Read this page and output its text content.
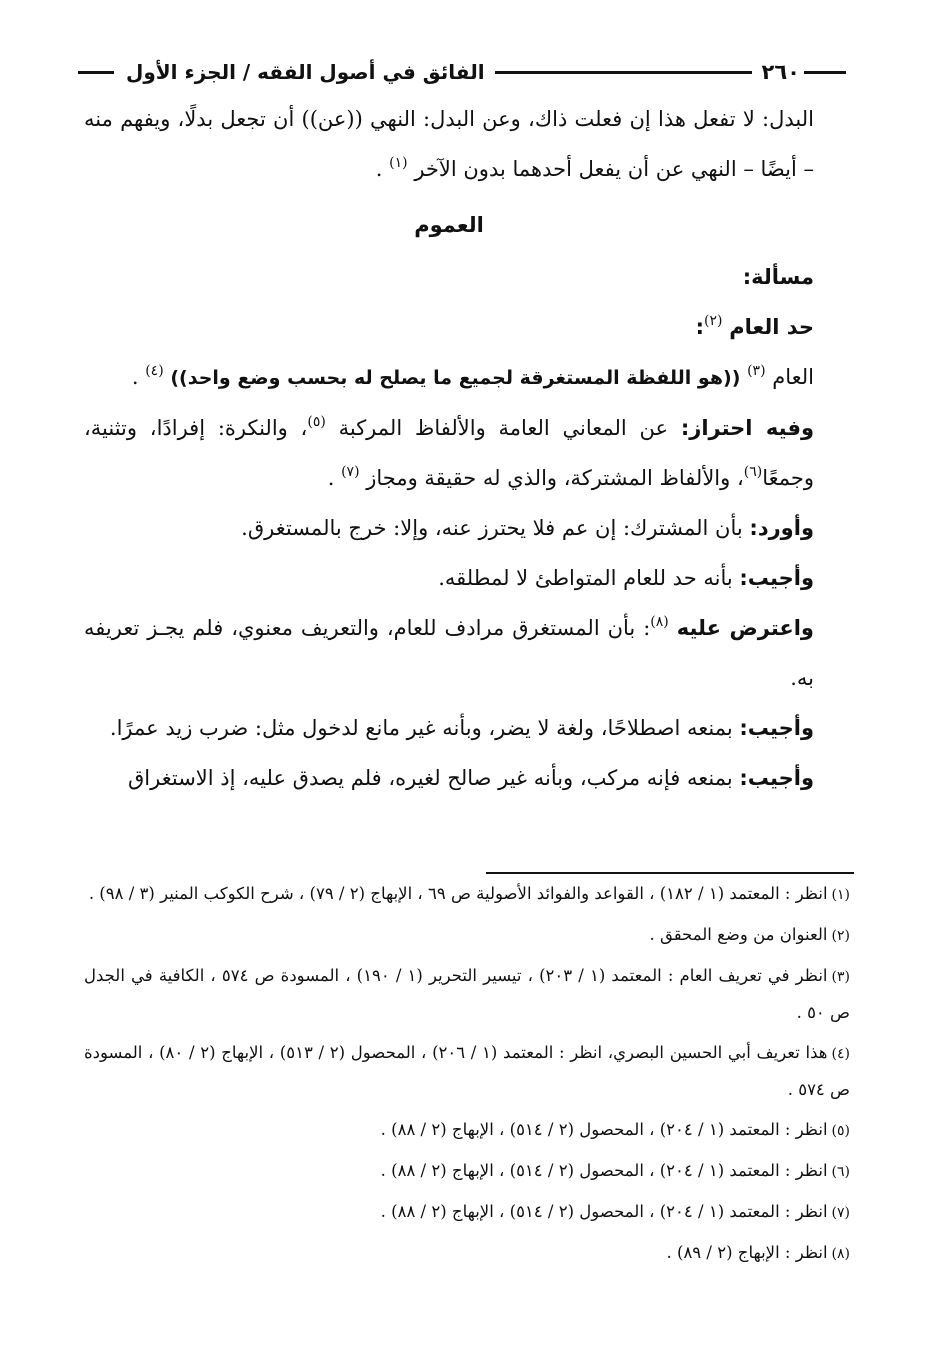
٢٦٠
الفائق في أصول الفقه / الجزء الأول

البدل: لا تفعل هذا إن فعلت ذاك، وعن البدل: النهي ((عن)) أن تجعل بدلًا، ويفهم منه – أيضًا – النهي عن أن يفعل أحدهما بدون الآخر $^{(١)}$ .

العموم

مسألة:

حد العام $^{(٢)}$:

العام $^{(٣)}$ ((هو اللفظة المستغرقة لجميع ما يصلح له بحسب وضع واحد)) $^{(٤)}$ .

وفيه احتراز: عن المعاني العامة والألفاظ المركبة $^{(٥)}$، والنكرة: إفرادًا، وتثنية، وجمعًا$^{(٦)}$، والألفاظ المشتركة، والذي له حقيقة ومجاز $^{(٧)}$ .

وأورد: بأن المشترك: إن عم فلا يحترز عنه، وإلا: خرج بالمستغرق.

وأجيب: بأنه حد للعام المتواطئ لا لمطلقه.

واعترض عليه $^{(٨)}$: بأن المستغرق مرادف للعام، والتعريف معنوي، فلم يجـز تعريفه به.

وأجيب: بمنعه اصطلاحًا، ولغة لا يضر، وبأنه غير مانع لدخول مثل: ضرب زيد عمرًا.

وأجيب: بمنعه فإنه مركب، وبأنه غير صالح لغيره، فلم يصدق عليه، إذ الاستغراق

(١)انظر : المعتمد (١ / ١٨٢) ، القواعد والفوائد الأصولية ص ٦٩ ، الإبهاج (٢ / ٧٩) ، شرح الكوكب المنير (٣ / ٩٨) .

(٢)العنوان من وضع المحقق .

(٣)انظر في تعريف العام : المعتمد (١ / ٢٠٣) ، تيسير التحرير (١ / ١٩٠) ، المسودة ص ٥٧٤ ، الكافية في الجدل ص ٥٠ .

(٤)هذا تعريف أبي الحسين البصري، انظر : المعتمد (١ / ٢٠٦) ، المحصول (٢ / ٥١٣) ، الإبهاج (٢ / ٨٠) ، المسودة ص ٥٧٤ .

(٥)انظر : المعتمد (١ / ٢٠٤) ، المحصول (٢ / ٥١٤) ، الإبهاج (٢ / ٨٨) .

(٦)انظر : المعتمد (١ / ٢٠٤) ، المحصول (٢ / ٥١٤) ، الإبهاج (٢ / ٨٨) .

(٧)انظر : المعتمد (١ / ٢٠٤) ، المحصول (٢ / ٥١٤) ، الإبهاج (٢ / ٨٨) .

(٨)انظر : الإبهاج (٢ / ٨٩) .
